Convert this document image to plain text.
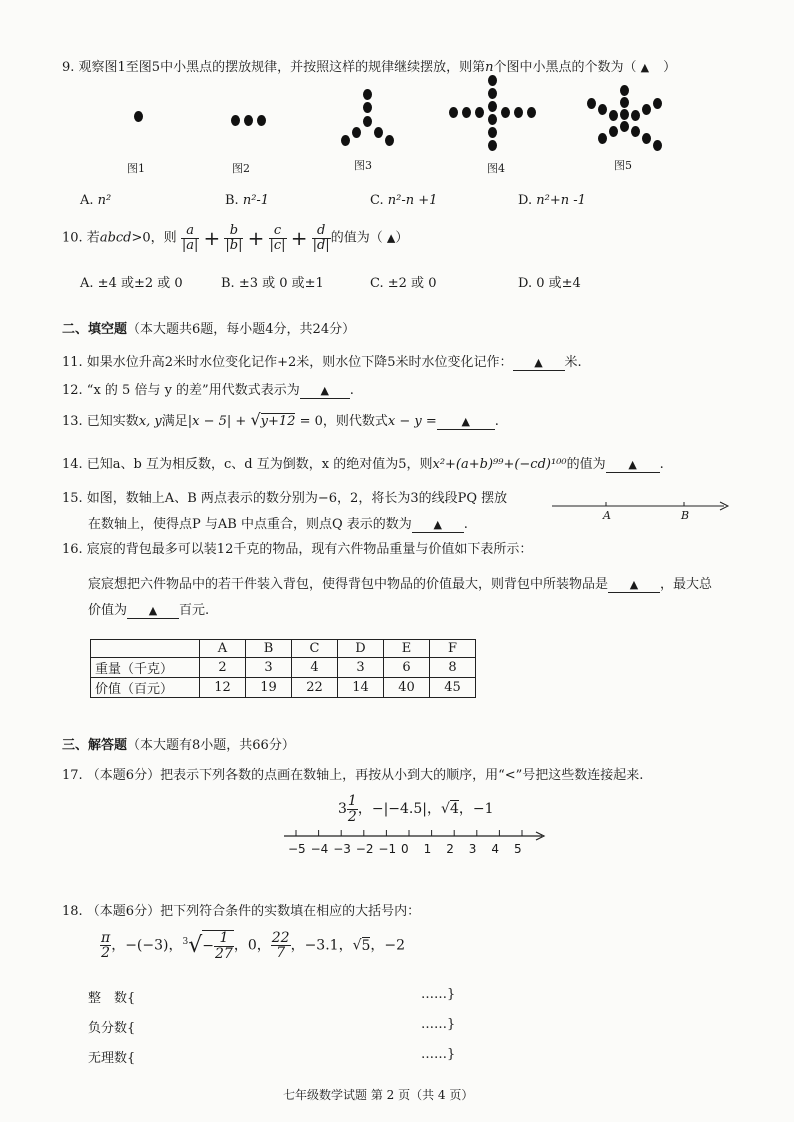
9. 观察图1至图5中小黑点的摆放规律，并按照这样的规律继续摆放，则第n个图中小黑点的个数为（ ▲ ）
图1	图2	图3	图4	图5
A. n²	B. n²-1	C. n²-n +1	D. n²+n -1
10. 若abcd>0，则 $\frac{a}{|a|} + \frac{b}{|b|} + \frac{c}{|c|} + \frac{d}{|d|}$ 的值为（ ▲）
A. ±4 或±2 或 0	B. ±3 或 0 或±1	C. ±2 或 0	D. 0 或±4
二、填空题（本大题共6题，每小题4分，共24分）
11. 如果水位升高2米时水位变化记作+2米，则水位下降5米时水位变化记作： ▲ 米.
12. “x 的 5 倍与 y 的差”用代数式表示为 ▲ .
13. 已知实数x, y满足|x − 5| + √y+12 = 0，则代数式x − y = ▲ .
14. 已知a、b 互为相反数，c、d 互为倒数，x 的绝对值为5，则x²+(a+b)⁹⁹+(−cd)¹⁰⁰的值为 ▲ .
15. 如图，数轴上A、B 两点表示的数分别为−6，2，将长为3的线段PQ 摆放
在数轴上，使得点P 与AB 中点重合，则点Q 表示的数为 ▲ .
A	B
16. 宸宸的背包最多可以装12千克的物品，现有六件物品重量与价值如下表所示：
宸宸想把六件物品中的若干件装入背包，使得背包中物品的价值最大，则背包中所装物品是 ▲ ，最大总
价值为 ▲ 百元.
	A	B	C	D	E	F
重量（千克）	2	3	4	3	6	8
价值（百元）	12	19	22	14	40	45
三、解答题（本大题有8小题，共66分）
17. （本题6分）把表示下列各数的点画在数轴上，再按从小到大的顺序，用“<”号把这些数连接起来.
$3 \frac{1}{2}$ ，−|−4.5|，√4，−1
−5 −4 −3 −2 −1 0 1 2 3 4 5
18. （本题6分）把下列符合条件的实数填在相应的大括号内：
$\frac{\pi}{2}$ ，−(−3)，$^3√- \frac{1}{27}$ ，0， $\frac{22}{7}$ ，−3.1，√5，−2
整　数{	……}
负分数{	……}
无理数{	……}
七年级数学试题 第 2 页（共 4 页）
